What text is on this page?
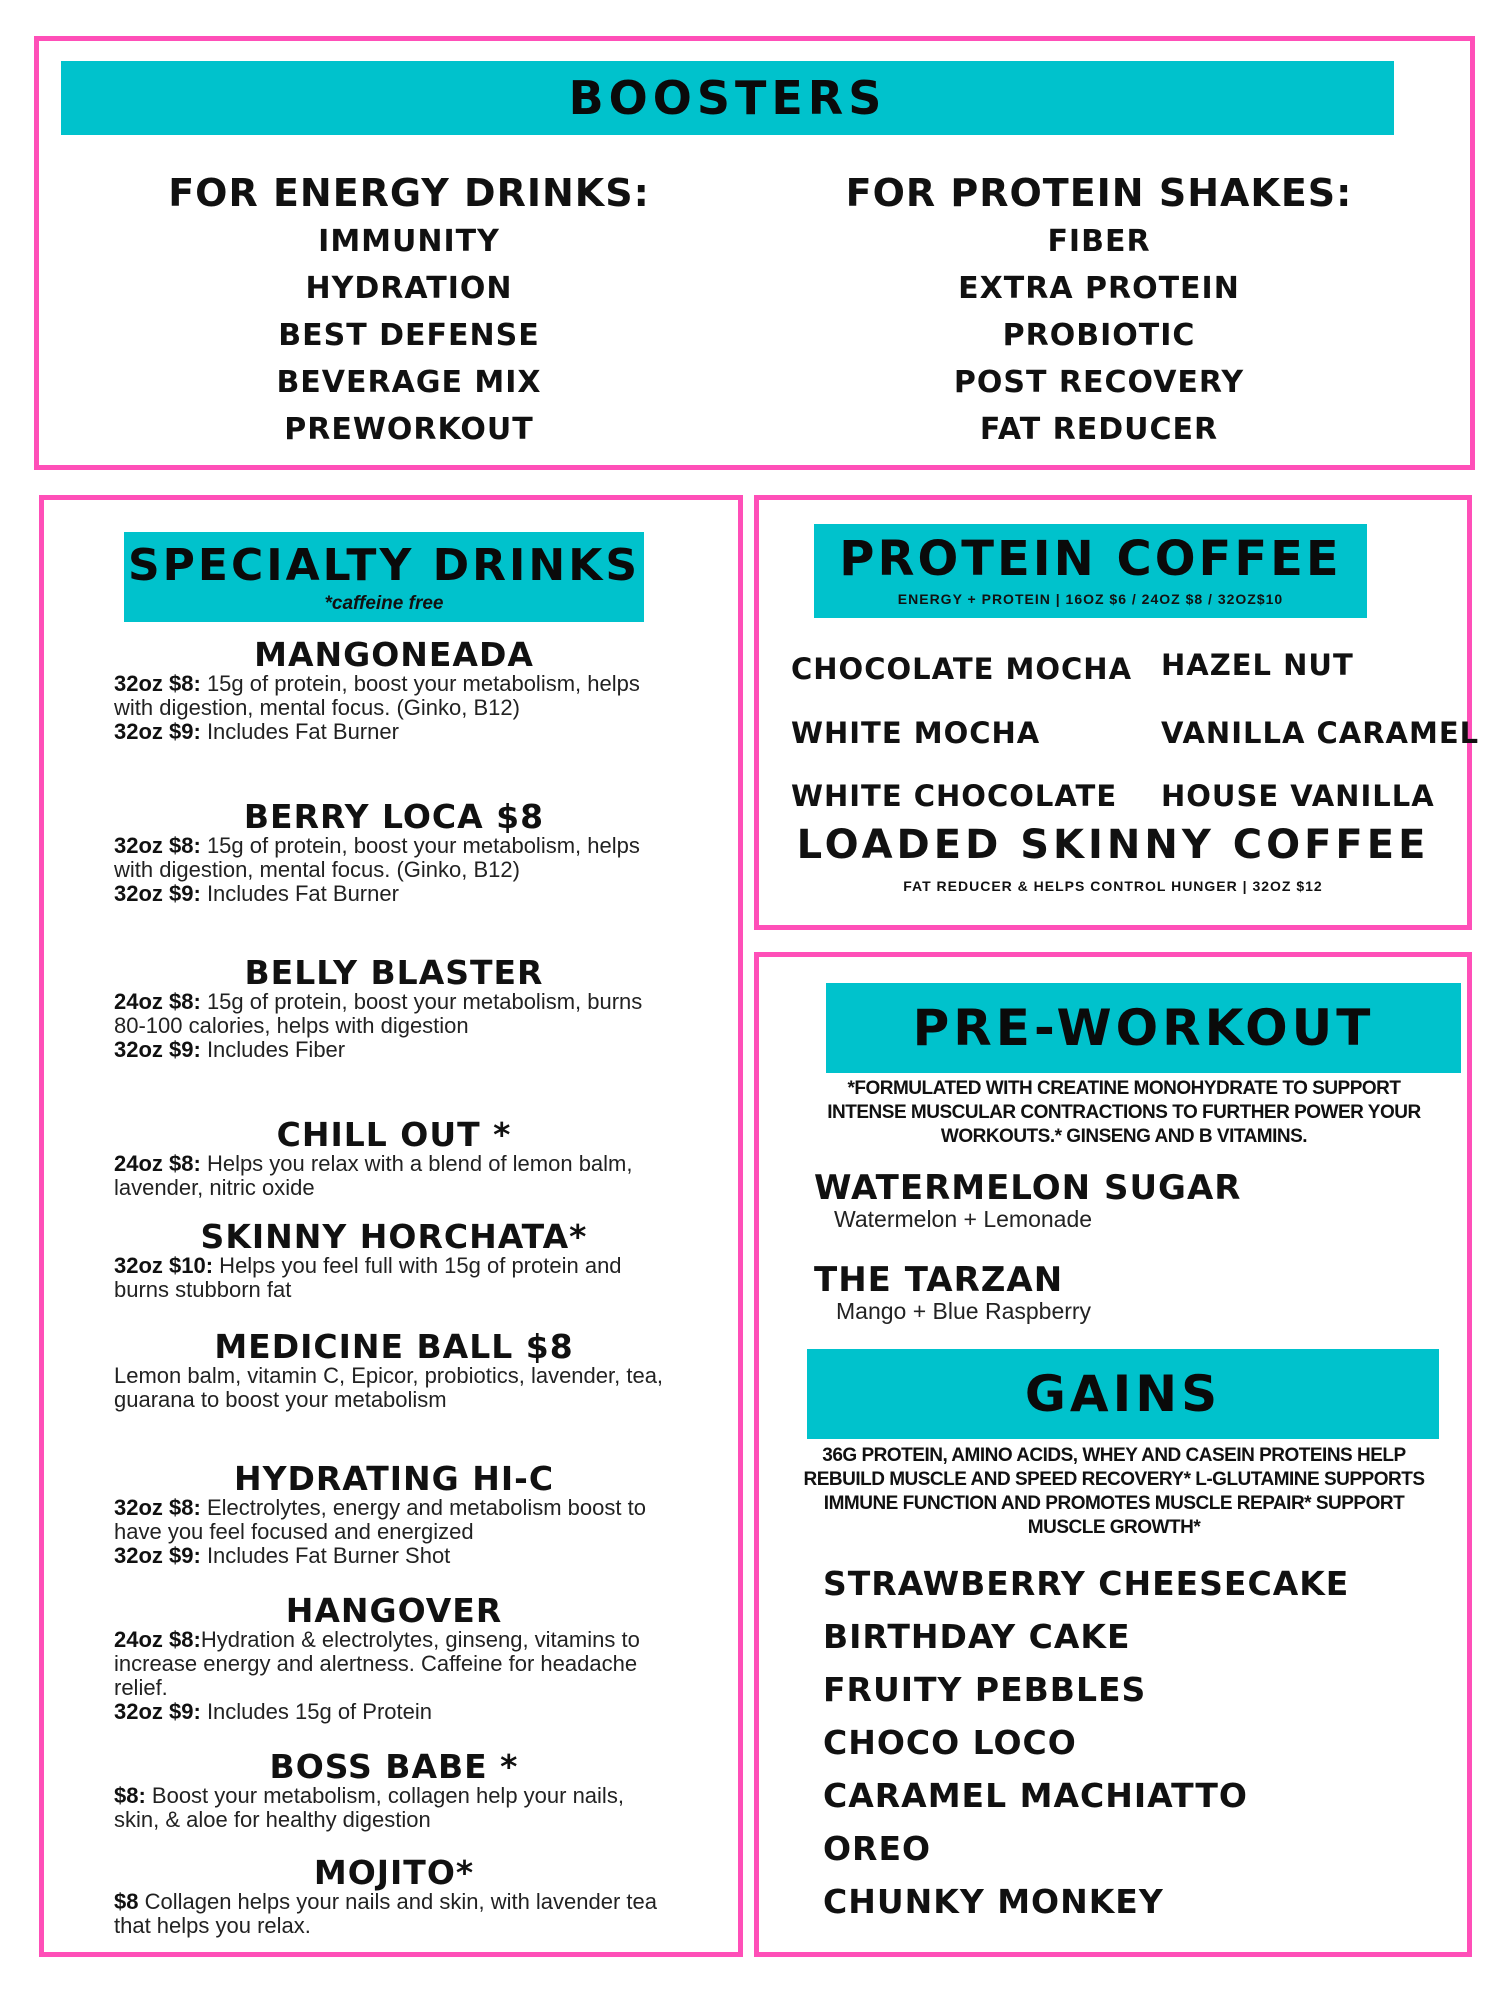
BOOSTERS
FOR ENERGY DRINKS:
IMMUNITY
HYDRATION
BEST DEFENSE
BEVERAGE MIX
PREWORKOUT
FOR PROTEIN SHAKES:
FIBER
EXTRA PROTEIN
PROBIOTIC
POST RECOVERY
FAT REDUCER
SPECIALTY DRINKS
*caffeine free
MANGONEADA
32oz $8: 15g of protein, boost your metabolism, helps with digestion, mental focus. (Ginko, B12)
32oz $9: Includes Fat Burner
BERRY LOCA $8
32oz $8: 15g of protein, boost your metabolism, helps with digestion, mental focus. (Ginko, B12)
32oz $9: Includes Fat Burner
BELLY BLASTER
24oz $8: 15g of protein, boost your metabolism, burns 80-100 calories, helps with digestion
32oz $9: Includes Fiber
CHILL OUT *
24oz $8: Helps you relax with a blend of lemon balm, lavender, nitric oxide
SKINNY HORCHATA*
32oz $10: Helps you feel full with 15g of protein and burns stubborn fat
MEDICINE BALL $8
Lemon balm, vitamin C, Epicor, probiotics, lavender, tea, guarana to boost your metabolism
HYDRATING HI-C
32oz $8: Electrolytes, energy and metabolism boost to have you feel focused and energized
32oz $9: Includes Fat Burner Shot
HANGOVER
24oz $8:Hydration & electrolytes, ginseng, vitamins to increase energy and alertness. Caffeine for headache relief.
32oz $9: Includes 15g of Protein
BOSS BABE *
$8: Boost your metabolism, collagen help your nails, skin, & aloe for healthy digestion
MOJITO*
$8 Collagen helps your nails and skin, with lavender tea that helps you relax.
PROTEIN COFFEE
ENERGY + PROTEIN | 16OZ $6 / 24OZ $8 / 32OZ$10
CHOCOLATE MOCHA HAZEL NUT
WHITE MOCHA	VANILLA CARAMEL
WHITE CHOCOLATE HOUSE VANILLA
LOADED SKINNY COFFEE
FAT REDUCER & HELPS CONTROL HUNGER | 32OZ $12
PRE-WORKOUT
*FORMULATED WITH CREATINE MONOHYDRATE TO SUPPORT INTENSE MUSCULAR CONTRACTIONS TO FURTHER POWER YOUR WORKOUTS.* GINSENG AND B VITAMINS.
WATERMELON SUGAR
Watermelon + Lemonade
THE TARZAN
Mango + Blue Raspberry
GAINS
36G PROTEIN, AMINO ACIDS, WHEY AND CASEIN PROTEINS HELP REBUILD MUSCLE AND SPEED RECOVERY* L-GLUTAMINE SUPPORTS IMMUNE FUNCTION AND PROMOTES MUSCLE REPAIR* SUPPORT MUSCLE GROWTH*
STRAWBERRY CHEESECAKE
BIRTHDAY CAKE
FRUITY PEBBLES
CHOCO LOCO
CARAMEL MACHIATTO
OREO
CHUNKY MONKEY
